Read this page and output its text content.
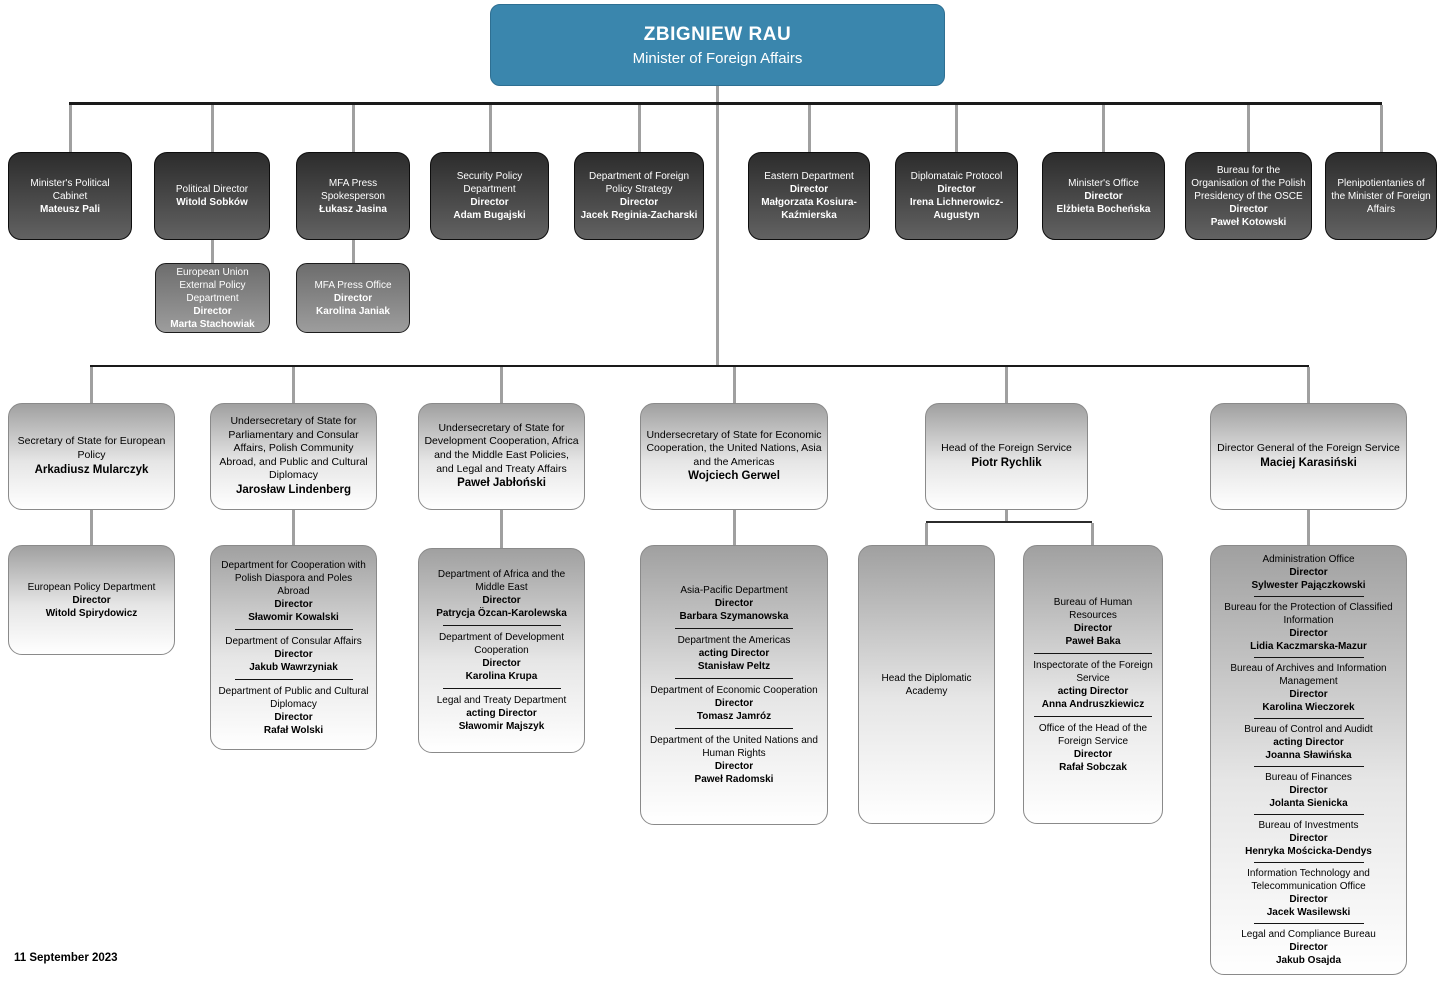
ZBIGNIEW RAU
Minister of Foreign Affairs
Minister's Political Cabinet
Mateusz Pali
Political Director
Witold Sobków
MFA Press Spokesperson
Łukasz Jasina
Security Policy Department
Director
Adam Bugajski
Department of Foreign Policy Strategy
Director
Jacek Reginia-Zacharski
Eastern Department
Director
Małgorzata Kosiura-Kaźmierska
Diplomataic Protocol
Director
Irena Lichnerowicz-Augustyn
Minister's Office
Director
Elżbieta Bocheńska
Bureau for the Organisation of the Polish Presidency of the OSCE
Director
Paweł Kotowski
Plenipotientanies of the Minister of Foreign Affairs
European Union External Policy Department
Director
Marta Stachowiak
MFA Press Office
Director
Karolina Janiak
Secretary of State for European Policy
Arkadiusz Mularczyk
Undersecretary of State for Parliamentary and Consular Affairs, Polish Community Abroad, and Public and Cultural Diplomacy
Jarosław Lindenberg
Undersecretary of State for Development Cooperation, Africa and the Middle East Policies, and Legal and Treaty Affairs
Paweł Jabłoński
Undersecretary of State for Economic Cooperation, the United Nations, Asia and the Americas
Wojciech Gerwel
Head of the Foreign Service
Piotr Rychlik
Director General of the Foreign Service
Maciej Karasiński
European Policy Department
Director
Witold Spirydowicz
Department for Cooperation with Polish Diaspora and Poles Abroad
Director
Sławomir Kowalski
Department of Consular Affairs
Director
Jakub Wawrzyniak
Department of Public and Cultural Diplomacy
Director
Rafał Wolski
Department of Africa and the Middle East
Director
Patrycja Özcan-Karolewska
Department of Development Cooperation
Director
Karolina Krupa
Legal and Treaty Department
acting Director
Sławomir Majszyk
Asia-Pacific Department
Director
Barbara Szymanowska
Department the Americas
acting Director
Stanisław Peltz
Department of Economic Cooperation
Director
Tomasz Jamróz
Department of the United Nations and Human Rights
Director
Paweł Radomski
Head the Diplomatic Academy
Bureau of Human Resources
Director
Paweł Baka
Inspectorate of the Foreign Service
acting Director
Anna Andruszkiewicz
Office of the Head of the Foreign Service
Director
Rafał Sobczak
Administration Office
Director
Sylwester Pajączkowski
Bureau for the Protection of Classified Information
Director
Lidia Kaczmarska-Mazur
Bureau of Archives and Information Management
Director
Karolina Wieczorek
Bureau of Control and Audidt
acting Director
Joanna Sławińska
Bureau of Finances
Director
Jolanta Sienicka
Bureau of Investments
Director
Henryka Mościcka-Dendys
Information Technology and Telecommunication Office
Director
Jacek Wasilewski
Legal and Compliance Bureau
Director
Jakub Osajda
11 September 2023
